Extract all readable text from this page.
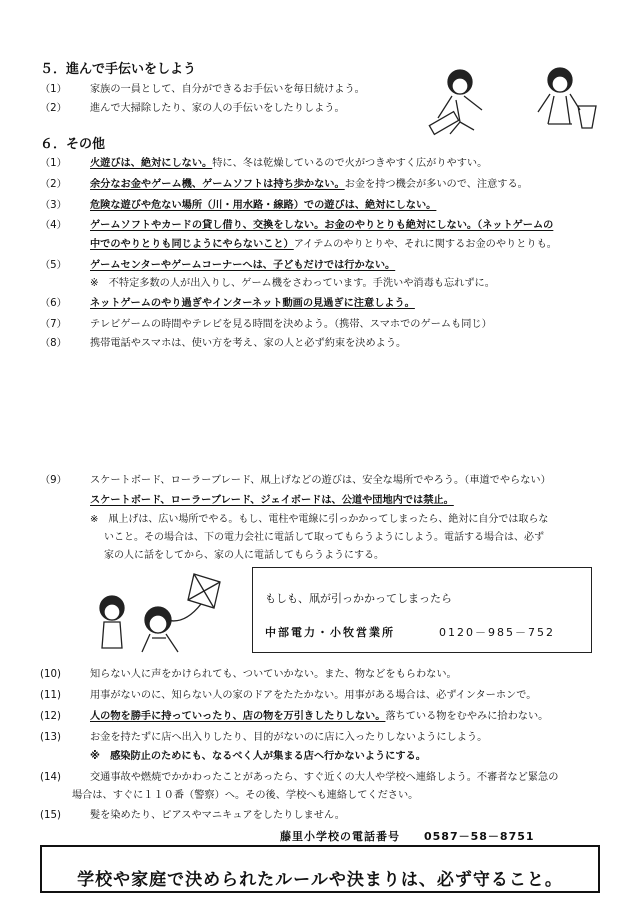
５．進んで手伝いをしよう
（1）	家族の一員として、自分ができるお手伝いを毎日続けよう。
（2）	進んで大掃除したり、家の人の手伝いをしたりしよう。
６．その他
（1）	火遊びは、絶対にしない。特に、冬は乾燥しているので火がつきやすく広がりやすい。
（2）	余分なお金やゲーム機、ゲームソフトは持ち歩かない。お金を持つ機会が多いので、注意する。
（3）	危険な遊びや危ない場所（川・用水路・線路）での遊びは、絶対にしない。
（4）	ゲームソフトやカードの貸し借り、交換をしない。お金のやりとりも絶対にしない。（ネットゲームの
中でのやりとりも同じようにやらないこと）アイテムのやりとりや、それに関するお金のやりとりも。
（5）	ゲームセンターやゲームコーナーへは、子どもだけでは行かない。
※　不特定多数の人が出入りし、ゲーム機をさわっています。手洗いや消毒も忘れずに。
（6）	ネットゲームのやり過ぎやインターネット動画の見過ぎに注意しよう。
（7）	テレビゲームの時間やテレビを見る時間を決めよう。（携帯、スマホでのゲームも同じ）
（8）	携帯電話やスマホは、使い方を考え、家の人と必ず約束を決めよう。
（9）	スケートボード、ローラーブレード、凧上げなどの遊びは、安全な場所でやろう。（車道でやらない）
スケートボード、ローラーブレード、ジェイボードは、公道や団地内では禁止。
※　凧上げは、広い場所でやる。もし、電柱や電線に引っかかってしまったら、絶対に自分では取らな
いこと。その場合は、下の電力会社に電話して取ってもらうようにしよう。電話する場合は、必ず
家の人に話をしてから、家の人に電話してもらうようにする。
もしも、凧が引っかかってしまったら
中部電力・小牧営業所	0120－985－752
(10)	知らない人に声をかけられても、ついていかない。また、物などをもらわない。
(11)	用事がないのに、知らない人の家のドアをたたかない。用事がある場合は、必ずインターホンで。
(12)	人の物を勝手に持っていったり、店の物を万引きしたりしない。落ちている物をむやみに拾わない。
(13)	お金を持たずに店へ出入りしたり、目的がないのに店に入ったりしないようにしよう。
※　感染防止のためにも、なるべく人が集まる店へ行かないようにする。
(14)	交通事故や燃焼でかかわったことがあったら、すぐ近くの大人や学校へ連絡しよう。不審者など緊急の
場合は、すぐに１１０番（警察）へ。その後、学校へも連絡してください。
(15)	髪を染めたり、ピアスやマニキュアをしたりしません。
藤里小学校の電話番号　　0587－58－8751
学校や家庭で決められたルールや決まりは、必ず守ること。
